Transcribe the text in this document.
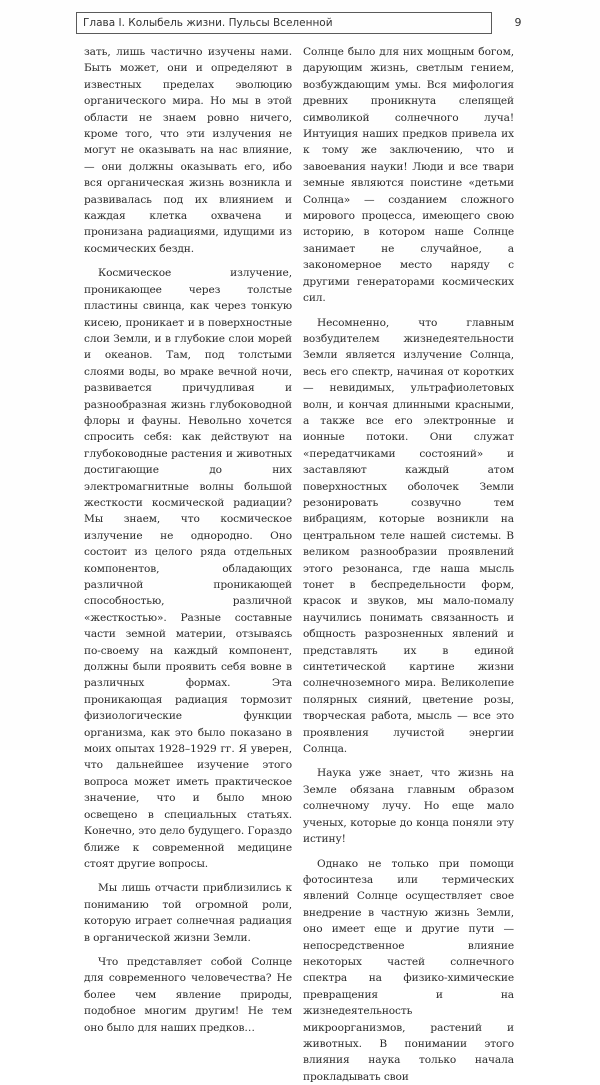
Глава I. Колыбель жизни. Пульсы Вселенной	9

зать, лишь частично изучены нами. Быть может, они и определяют в известных пределах эволюцию органического мира. Но мы в этой области не знаем ровно ничего, кроме того, что эти излучения не могут не оказывать на нас влияние, — они должны оказывать его, ибо вся органическая жизнь возникла и развивалась под их влиянием и каждая клетка охвачена и пронизана радиациями, идущими из космических бездн.

Космическое излучение, проникающее через толстые пластины свинца, как через тонкую кисею, проникает и в поверхностные слои Земли, и в глубокие слои морей и океанов. Там, под толстыми слоями воды, во мраке вечной ночи, развивается причудливая и разнообразная жизнь глубоководной флоры и фауны. Невольно хочется спросить себя: как действуют на глубоководные растения и животных достигающие до них электромагнитные волны большой жесткости космической радиации? Мы знаем, что космическое излучение не однородно. Оно состоит из целого ряда отдельных компонентов, обладающих различной проникающей способностью, различной «жесткостью». Разные составные части земной материи, отзываясь по-своему на каждый компонент, должны были проявить себя вовне в различных формах. Эта проникающая радиация тормозит физиологические функции организма, как это было показано в моих опытах 1928–1929 гг. Я уверен, что дальнейшее изучение этого вопроса может иметь практическое значение, что и было мною освещено в специальных статьях. Конечно, это дело будущего. Гораздо ближе к современной медицине стоят другие вопросы.

Мы лишь отчасти приблизились к пониманию той огромной роли, которую играет солнечная радиация в органической жизни Земли.

Что представляет собой Солнце для современного человечества? Не более чем явление природы, подобное многим другим! Не тем оно было для наших предков…

Солнце было для них мощным богом, дарующим жизнь, светлым гением, возбуждающим умы. Вся мифология древних проникнута слепящей символикой солнечного луча! Интуиция наших предков привела их к тому же заключению, что и завоевания науки! Люди и все твари земные являются поистине «детьми Солнца» — созданием сложного мирового процесса, имеющего свою историю, в котором наше Солнце занимает не случайное, а закономерное место наряду с другими генераторами космических сил.

Несомненно, что главным возбудителем жизнедеятельности Земли является излучение Солнца, весь его спектр, начиная от коротких — невидимых, ультрафиолетовых волн, и кончая длинными красными, а также все его электронные и ионные потоки. Они служат «передатчиками состояний» и заставляют каждый атом поверхностных оболочек Земли резонировать созвучно тем вибрациям, которые возникли на центральном теле нашей системы. В великом разнообразии проявлений этого резонанса, где наша мысль тонет в беспредельности форм, красок и звуков, мы мало-помалу научились понимать связанность и общность разрозненных явлений и представлять их в единой синтетической картине жизни солнечноземного мира. Великолепие полярных сияний, цветение розы, творческая работа, мысль — все это проявления лучистой энергии Солнца.

Наука уже знает, что жизнь на Земле обязана главным образом солнечному лучу. Но еще мало ученых, которые до конца поняли эту истину!

Однако не только при помощи фотосинтеза или термических явлений Солнце осуществляет свое внедрение в частную жизнь Земли, оно имеет еще и другие пути — непосредственное влияние некоторых частей солнечного спектра на физико-химические превращения и на жизнедеятельность микроорганизмов, растений и животных. В понимании этого влияния наука только начала прокладывать свои
